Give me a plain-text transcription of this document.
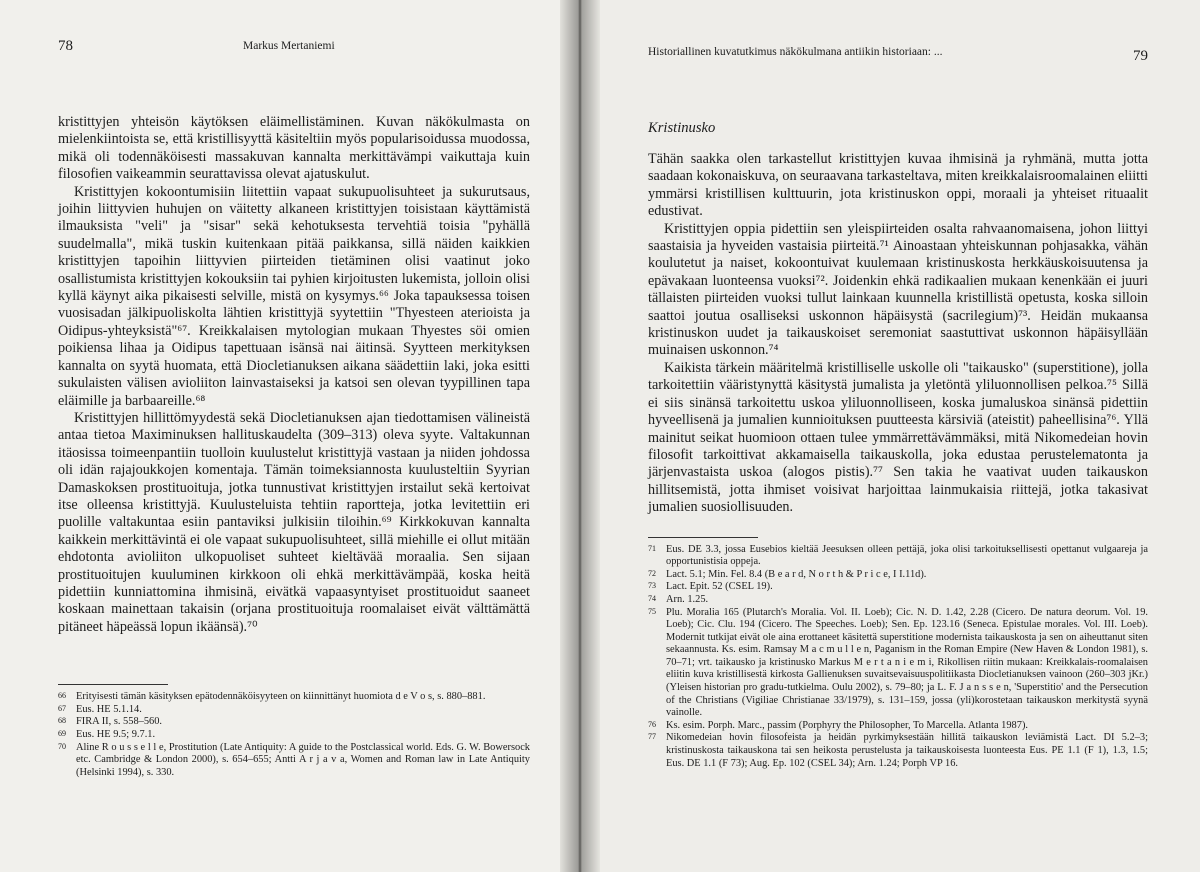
78	Markus Mertaniemi

kristittyjen yhteisön käytöksen eläimellistäminen. Kuvan näkökulmasta on mielenkiintoista se, että kristillisyyttä käsiteltiin myös popularisoidussa muodossa, mikä oli todennäköisesti massakuvan kannalta merkittävämpi vaikuttaja kuin filosofien vaikeammin seurattavissa olevat ajatuskulut.

Kristittyjen kokoontumisiin liitettiin vapaat sukupuolisuhteet ja sukurutsaus, joihin liittyvien huhujen on väitetty alkaneen kristittyjen toisistaan käyttämistä ilmauksista "veli" ja "sisar" sekä kehotuksesta tervehtiä toisia "pyhällä suudelmalla", mikä tuskin kuitenkaan pitää paikkansa, sillä näiden kaikkien kristittyjen tapoihin liittyvien piirteiden tietäminen olisi vaatinut joko osallistumista kristittyjen kokouksiin tai pyhien kirjoitusten lukemista, jolloin olisi kyllä käynyt aika pikaisesti selville, mistä on kysymys.⁶⁶ Joka tapauksessa toisen vuosisadan jälkipuoliskolta lähtien kristittyjä syytettiin "Thyesteen aterioista ja Oidipus-yhteyksistä"⁶⁷. Kreikkalaisen mytologian mukaan Thyestes söi omien poikiensa lihaa ja Oidipus tapettuaan isänsä nai äitinsä. Syytteen merkityksen kannalta on syytä huomata, että Diocletianuksen aikana säädettiin laki, joka esitti sukulaisten välisen avioliiton lainvastaiseksi ja katsoi sen olevan tyypillinen tapa eläimille ja barbaareille.⁶⁸

Kristittyjen hillittömyydestä sekä Diocletianuksen ajan tiedottamisen välineistä antaa tietoa Maximinuksen hallituskaudelta (309–313) oleva syyte. Valtakunnan itäosissa toimeenpantiin tuolloin kuulustelut kristittyjä vastaan ja niiden johdossa oli idän rajajoukkojen komentaja. Tämän toimeksiannosta kuulusteltiin Syyrian Damaskoksen prostituoituja, jotka tunnustivat kristittyjen irstailut sekä kertoivat itse olleensa kristittyjä. Kuulusteluista tehtiin raportteja, jotka levitettiin eri puolille valtakuntaa esiin pantaviksi julkisiin tiloihin.⁶⁹ Kirkkokuvan kannalta kaikkein merkittävintä ei ole vapaat sukupuolisuhteet, sillä miehille ei ollut mitään ehdotonta avioliiton ulkopuoliset suhteet kieltävää moraalia. Sen sijaan prostituoitujen kuuluminen kirkkoon oli ehkä merkittävämpää, koska heitä pidettiin kunniattomina ihmisinä, eivätkä vapaasyntyiset prostituoidut saaneet koskaan mainettaan takaisin (orjana prostituoituja roomalaiset eivät välttämättä pitäneet häpeässä lopun ikäänsä).⁷⁰

66 Erityisesti tämän käsityksen epätodennäköisyyteen on kiinnittänyt huomiota d e V o s, s. 880–881.
67 Eus. HE 5.1.14.
68 FIRA II, s. 558–560.
69 Eus. HE 9.5; 9.7.1.
70 Aline R o u s s e l l e, Prostitution (Late Antiquity: A guide to the Postclassical world. Eds. G. W. Bowersock etc. Cambridge & London 2000), s. 654–655; Antti A r j a v a, Women and Roman law in Late Antiquity (Helsinki 1994), s. 330.
Historiallinen kuvatutkimus näkökulmana antiikin historiaan: ...	79
Kristinusko

Tähän saakka olen tarkastellut kristittyjen kuvaa ihmisinä ja ryhmänä, mutta jotta saadaan kokonaiskuva, on seuraavana tarkasteltava, miten kreikkalaisroomalainen eliitti ymmärsi kristillisen kulttuurin, jota kristinuskon oppi, moraali ja yhteiset rituaalit edustivat.

Kristittyjen oppia pidettiin sen yleispiirteiden osalta rahvaanomaisena, johon liittyi saastaisia ja hyveiden vastaisia piirteitä.⁷¹ Ainoastaan yhteiskunnan pohjasakka, vähän koulutetut ja naiset, kokoontuivat kuulemaan kristinuskosta herkkäuskoisuutensa ja epävakaan luonteensa vuoksi⁷². Joidenkin ehkä radikaalien mukaan kenenkään ei juuri tällaisten piirteiden vuoksi tullut lainkaan kuunnella kristillistä opetusta, koska silloin saattoi joutua osalliseksi uskonnon häpäisystä (sacrilegium)⁷³. Heidän mukaansa kristinuskon uudet ja taikauskoiset seremoniat saastuttivat uskonnon häpäisyllään muinaisen uskonnon.⁷⁴

Kaikista tärkein määritelmä kristilliselle uskolle oli "taikausko" (superstitione), jolla tarkoitettiin vääristynyttä käsitystä jumalista ja yletöntä yliluonnollisen pelkoa.⁷⁵ Sillä ei siis sinänsä tarkoitettu uskoa yliluonnolliseen, koska jumaluskoa sinänsä pidettiin hyveellisenä ja jumalien kunnioituksen puutteesta kärsiviä (ateistit) paheellisina⁷⁶. Yllä mainitut seikat huomioon ottaen tulee ymmärrettävämmäksi, mitä Nikomedeian hovin filosofit tarkoittivat akkamaisella taikauskolla, joka edustaa perustelematonta ja järjenvastaista uskoa (alogos pistis).⁷⁷ Sen takia he vaativat uuden taikauskon hillitsemistä, jotta ihmiset voisivat harjoittaa lainmukaisia riittejä, jotka takasivat jumalien suosiollisuuden.

71 Eus. DE 3.3, jossa Eusebios kieltää Jeesuksen olleen pettäjä, joka olisi tarkoituksellisesti opettanut vulgaareja ja opportunistisia oppeja.
72 Lact. 5.1; Min. Fel. 8.4 (B e a r d, N o r t h & P r i c e, I I.11d).
73 Lact. Epit. 52 (CSEL 19).
74 Arn. 1.25.
75 Plu. Moralia 165 (Plutarch's Moralia. Vol. II. Loeb); Cic. N. D. 1.42, 2.28 (Cicero. De natura deorum. Vol. 19. Loeb); Cic. Clu. 194 (Cicero. The Speeches. Loeb); Sen. Ep. 123.16 (Seneca. Epistulae morales. Vol. III. Loeb). Modernit tutkijat eivät ole aina erottaneet käsitettä superstitione modernista taikauskosta ja sen on aiheuttanut siten sekaannusta. Ks. esim. Ramsay M a c m u l l e n, Paganism in the Roman Empire (New Haven & London 1981), s. 70–71; vrt. taikausko ja kristinusko Markus M e r t a n i e m i, Rikollisen riitin mukaan: Kreikkalais-roomalaisen eliitin kuva kristillisestä kirkosta Gallienuksen suvaitsevaisuuspolitiikasta Diocletianuksen vainoon (260–303 jKr.) (Yleisen historian pro gradu-tutkielma. Oulu 2002), s. 79–80; ja L. F. J a n s s e n, 'Superstitio' and the Persecution of the Christians (Vigiliae Christianae 33/1979), s. 131–159, jossa (yli)korostetaan taikauskon merkitystä syynä vainolle.
76 Ks. esim. Porph. Marc., passim (Porphyry the Philosopher, To Marcella. Atlanta 1987).
77 Nikomedeian hovin filosofeista ja heidän pyrkimyksestään hillitä taikauskon leviämistä Lact. DI 5.2–3; kristinuskosta taikauskona tai sen heikosta perustelusta ja taikauskoisesta luonteesta Eus. PE 1.1 (F 1), 1.3, 1.5; Eus. DE 1.1 (F 73); Aug. Ep. 102 (CSEL 34); Arn. 1.24; Porph VP 16.
